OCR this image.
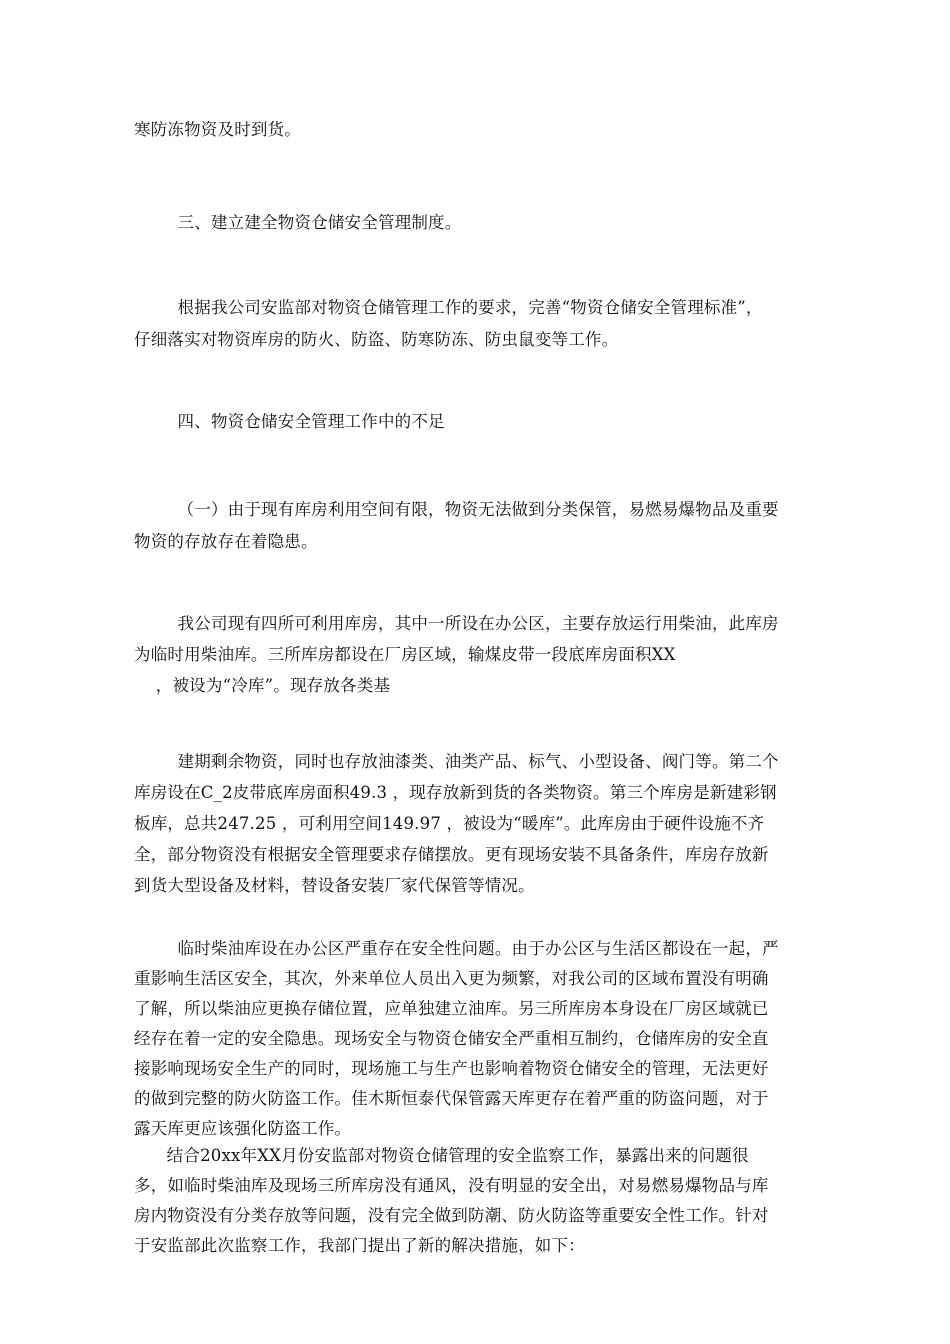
寒防冻物资及时到货。
三、建立建全物资仓储安全管理制度。
根据我公司安监部对物资仓储管理工作的要求，完善“物资仓储安全管理标准”，
仔细落实对物资库房的防火、防盗、防寒防冻、防虫鼠变等工作。
四、物资仓储安全管理工作中的不足
（一）由于现有库房利用空间有限，物资无法做到分类保管，易燃易爆物品及重要
物资的存放存在着隐患。
我公司现有四所可利用库房，其中一所设在办公区，主要存放运行用柴油，此库房
为临时用柴油库。三所库房都设在厂房区域，输煤皮带一段底库房面积XX
，被设为“冷库”。现存放各类基
建期剩余物资，同时也存放油漆类、油类产品、标气、小型设备、阀门等。第二个
库房设在C_2皮带底库房面积49.3 ，现存放新到货的各类物资。第三个库房是新建彩钢
板库，总共247.25 ，可利用空间149.97 ，被设为“暖库”。此库房由于硬件设施不齐
全，部分物资没有根据安全管理要求存储摆放。更有现场安装不具备条件，库房存放新
到货大型设备及材料，替设备安装厂家代保管等情况。
临时柴油库设在办公区严重存在安全性问题。由于办公区与生活区都设在一起，严
重影响生活区安全，其次，外来单位人员出入更为频繁，对我公司的区域布置没有明确
了解，所以柴油应更换存储位置，应单独建立油库。另三所库房本身设在厂房区域就已
经存在着一定的安全隐患。现场安全与物资仓储安全严重相互制约，仓储库房的安全直
接影响现场安全生产的同时，现场施工与生产也影响着物资仓储安全的管理，无法更好
的做到完整的防火防盗工作。佳木斯恒泰代保管露天库更存在着严重的防盗问题，对于
露天库更应该强化防盗工作。
结合20xx年XX月份安监部对物资仓储管理的安全监察工作，暴露出来的问题很
多，如临时柴油库及现场三所库房没有通风，没有明显的安全出，对易燃易爆物品与库
房内物资没有分类存放等问题，没有完全做到防潮、防火防盗等重要安全性工作。针对
于安监部此次监察工作，我部门提出了新的解决措施，如下：
